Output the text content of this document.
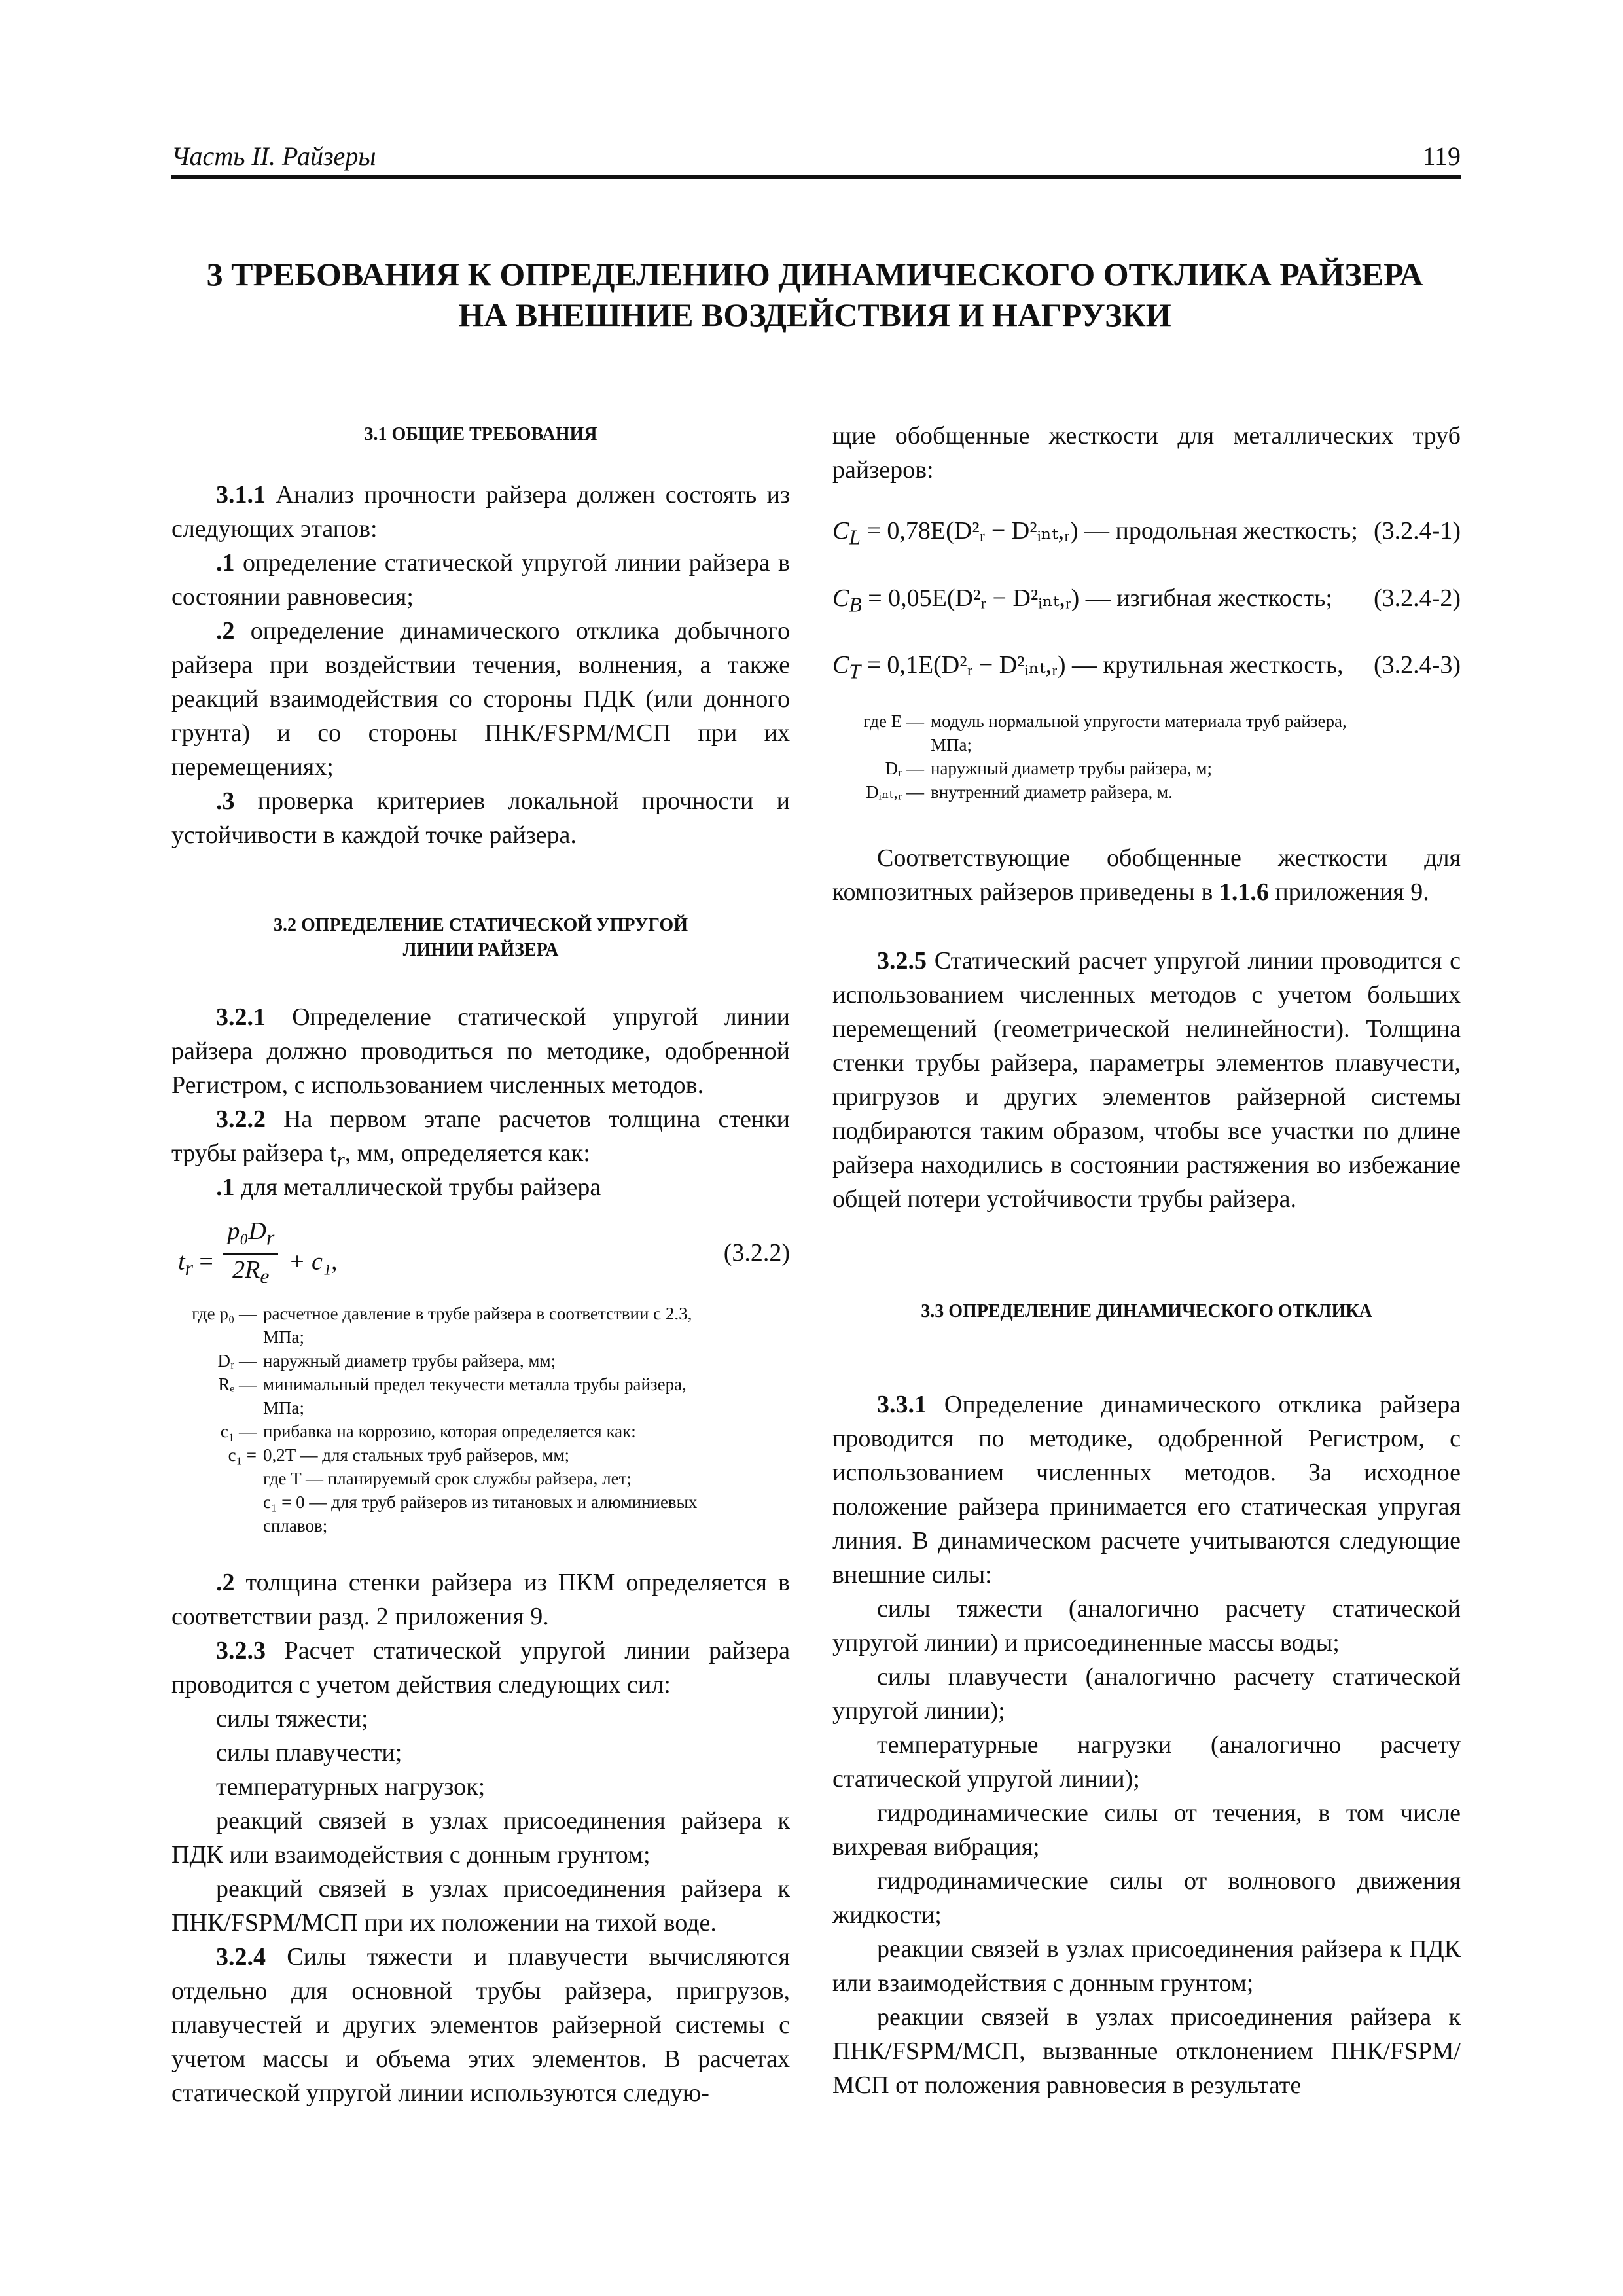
Часть II. Райзеры	119
3 ТРЕБОВАНИЯ К ОПРЕДЕЛЕНИЮ ДИНАМИЧЕСКОГО ОТКЛИКА РАЙЗЕРА
НА ВНЕШНИЕ ВОЗДЕЙСТВИЯ И НАГРУЗКИ
3.1 ОБЩИЕ ТРЕБОВАНИЯ
3.1.1 Анализ прочности райзера должен состоять из следующих этапов:
.1 определение статической упругой линии райзера в состоянии равновесия;
.2 определение динамического отклика добычного райзера при воздействии течения, волнения, а также реакций взаимодействия со стороны ПДК (или донного грунта) и со стороны ПНК/FSPM/МСП при их перемещениях;
.3 проверка критериев локальной прочности и устойчивости в каждой точке райзера.
3.2 ОПРЕДЕЛЕНИЕ СТАТИЧЕСКОЙ УПРУГОЙ
ЛИНИИ РАЙЗЕРА
3.2.1 Определение статической упругой линии райзера должно проводиться по методике, одобренной Регистром, с использованием численных методов.
3.2.2 На первом этапе расчетов толщина стенки трубы райзера $t_r$, мм, определяется как:
.1 для металлической трубы райзера
$t_r = \frac{p_0D_r}{2R_e} + c_1$,	(3.2.2)
где p₀ — расчетное давление в трубе райзера в соответствии с 2.3,
МПа;
Dᵣ — наружный диаметр трубы райзера, мм;
Rₑ — минимальный предел текучести металла трубы райзера,
МПа;
c₁ — прибавка на коррозию, которая определяется как:
c₁ = 0,2T — для стальных труб райзеров, мм;
где T — планируемый срок службы райзера, лет;
c₁ = 0 — для труб райзеров из титановых и алюминиевых
сплавов;
.2 толщина стенки райзера из ПКМ определяется в соответствии разд. 2 приложения 9.
3.2.3 Расчет статической упругой линии райзера проводится с учетом действия следующих сил:
силы тяжести;
силы плавучести;
температурных нагрузок;
реакций связей в узлах присоединения райзера к ПДК или взаимодействия с донным грунтом;
реакций связей в узлах присоединения райзера к ПНК/FSPM/МСП при их положении на тихой воде.
3.2.4 Силы тяжести и плавучести вычисляются отдельно для основной трубы райзера, пригрузов, плавучестей и других элементов райзерной системы с учетом массы и объема этих элементов. В расчетах статической упругой линии используются следую-
щие обобщенные жесткости для металлических труб райзеров:
$C_L$ = 0,78E(D²ᵣ − D²ᵢₙₜ,ᵣ) — продольная жесткость; (3.2.4-1)
$C_B$ = 0,05E(D²ᵣ − D²ᵢₙₜ,ᵣ) — изгибная жесткость; (3.2.4-2)
$C_T$ = 0,1E(D²ᵣ − D²ᵢₙₜ,ᵣ) — крутильная жесткость, (3.2.4-3)
где E — модуль нормальной упругости материала труб райзера,
МПа;
Dᵣ — наружный диаметр трубы райзера, м;
Dᵢₙₜ,ᵣ — внутренний диаметр райзера, м.
Соответствующие обобщенные жесткости для композитных райзеров приведены в 1.1.6 приложения 9.
3.2.5 Статический расчет упругой линии проводится с использованием численных методов с учетом больших перемещений (геометрической нелинейности). Толщина стенки трубы райзера, параметры элементов плавучести, пригрузов и других элементов райзерной системы подбираются таким образом, чтобы все участки по длине райзера находились в состоянии растяжения во избежание общей потери устойчивости трубы райзера.
3.3 ОПРЕДЕЛЕНИЕ ДИНАМИЧЕСКОГО ОТКЛИКА
3.3.1 Определение динамического отклика райзера проводится по методике, одобренной Регистром, с использованием численных методов. За исходное положение райзера принимается его статическая упругая линия. В динамическом расчете учитываются следующие внешние силы:
силы тяжести (аналогично расчету статической упругой линии) и присоединенные массы воды;
силы плавучести (аналогично расчету статической упругой линии);
температурные нагрузки (аналогично расчету статической упругой линии);
гидродинамические силы от течения, в том числе вихревая вибрация;
гидродинамические силы от волнового движения жидкости;
реакции связей в узлах присоединения райзера к ПДК или взаимодействия с донным грунтом;
реакции связей в узлах присоединения райзера к ПНК/FSPM/МСП, вызванные отклонением ПНК/FSPM/МСП от положения равновесия в результате
